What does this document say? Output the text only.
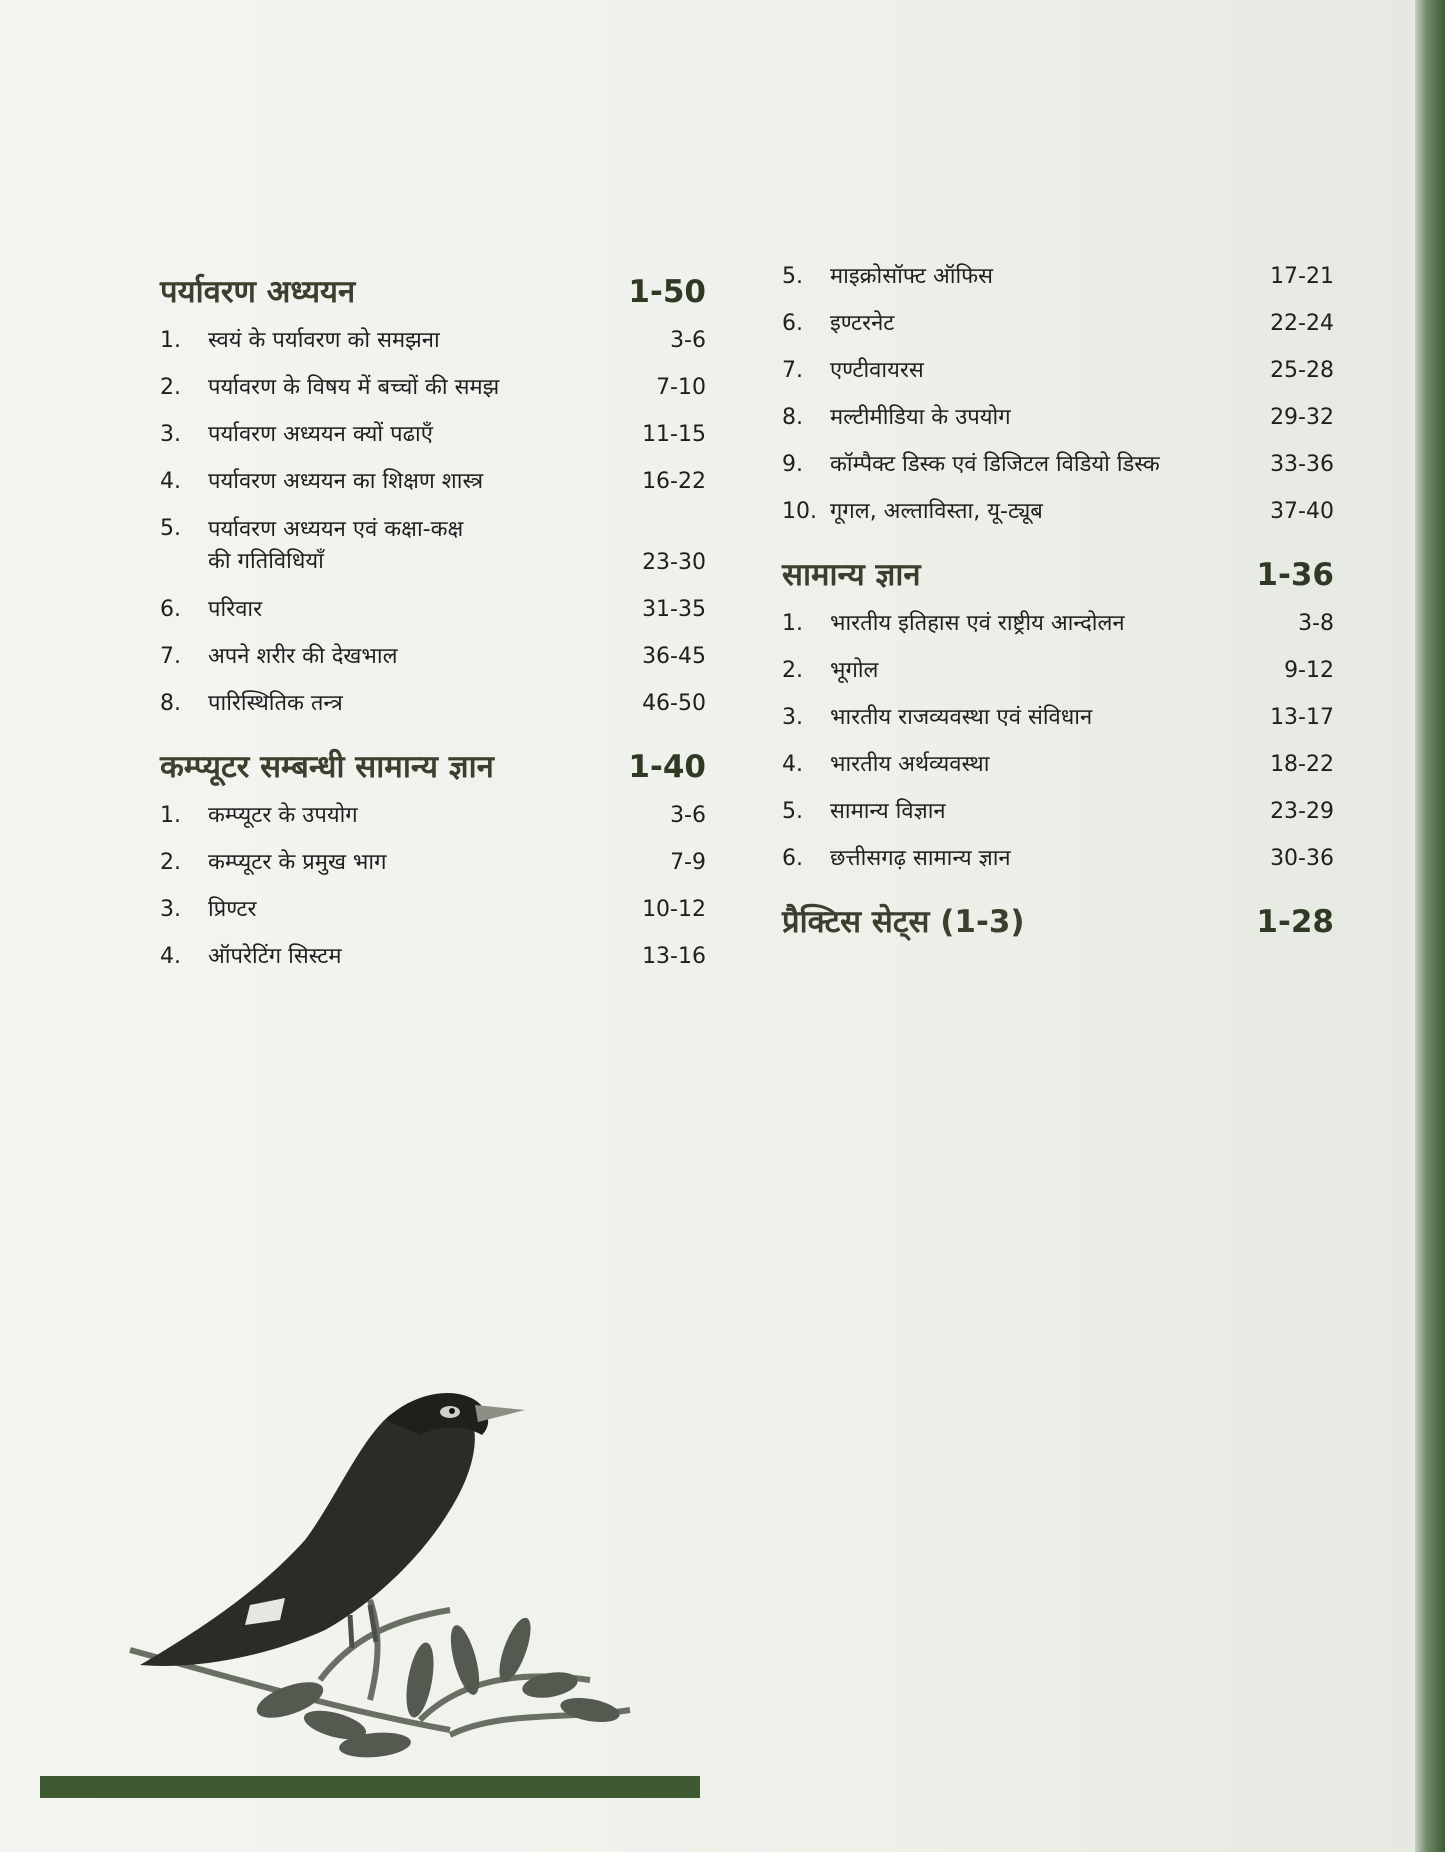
पर्यावरण अध्ययन	1-50
1.	स्वयं के पर्यावरण को समझना	3-6
2.	पर्यावरण के विषय में बच्चों की समझ	7-10
3.	पर्यावरण अध्ययन क्यों पढाएँ	11-15
4.	पर्यावरण अध्ययन का शिक्षण शास्त्र	16-22
5.	पर्यावरण अध्ययन एवं कक्षा-कक्ष
की गतिविधियाँ	23-30
6.	परिवार	31-35
7.	अपने शरीर की देखभाल	36-45
8.	पारिस्थितिक तन्त्र	46-50
कम्प्यूटर सम्बन्धी सामान्य ज्ञान	1-40
1.	कम्प्यूटर के उपयोग	3-6
2.	कम्प्यूटर के प्रमुख भाग	7-9
3.	प्रिण्टर	10-12
4.	ऑपरेटिंग सिस्टम	13-16
5.	माइक्रोसॉफ्ट ऑफिस	17-21
6.	इण्टरनेट	22-24
7.	एण्टीवायरस	25-28
8.	मल्टीमीडिया के उपयोग	29-32
9.	कॉम्पैक्ट डिस्क एवं डिजिटल विडियो डिस्क	33-36
10. गूगल, अल्ताविस्ता, यू-ट्यूब	37-40
सामान्य ज्ञान	1-36
1.	भारतीय इतिहास एवं राष्ट्रीय आन्दोलन	3-8
2.	भूगोल	9-12
3.	भारतीय राजव्यवस्था एवं संविधान	13-17
4.	भारतीय अर्थव्यवस्था	18-22
5.	सामान्य विज्ञान	23-29
6.	छत्तीसगढ़ सामान्य ज्ञान	30-36
प्रैक्टिस सेट्स (1-3)	1-28
